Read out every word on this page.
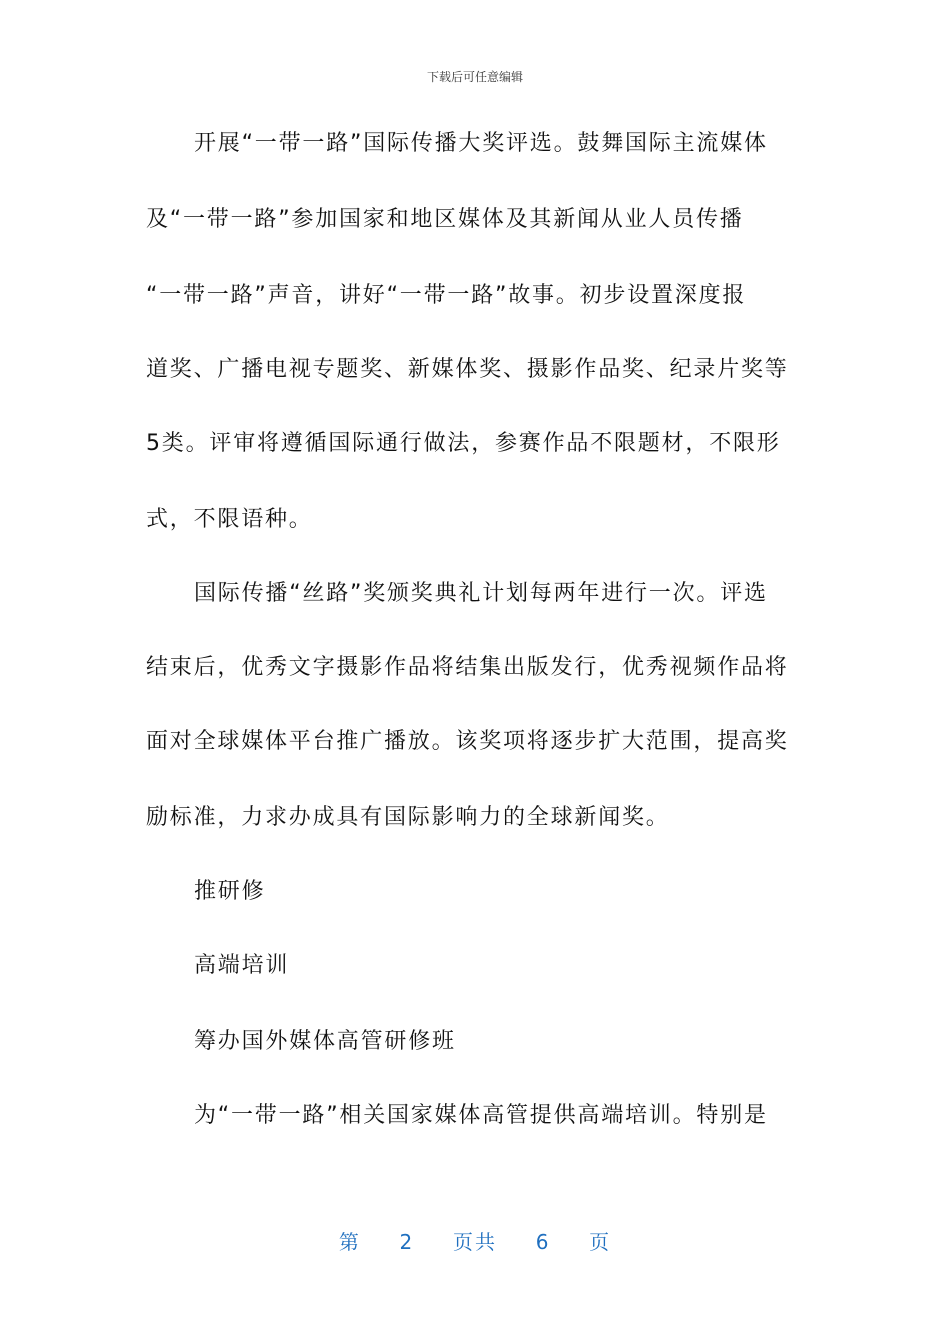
下载后可任意编辑
开展“一带一路”国际传播大奖评选。鼓舞国际主流媒体
及“一带一路”参加国家和地区媒体及其新闻从业人员传播
“一带一路”声音，讲好“一带一路”故事。初步设置深度报
道奖、广播电视专题奖、新媒体奖、摄影作品奖、纪录片奖等
5类。评审将遵循国际通行做法，参赛作品不限题材，不限形
式，不限语种。
国际传播“丝路”奖颁奖典礼计划每两年进行一次。评选
结束后，优秀文字摄影作品将结集出版发行，优秀视频作品将
面对全球媒体平台推广播放。该奖项将逐步扩大范围，提高奖
励标准，力求办成具有国际影响力的全球新闻奖。
推研修
高端培训
筹办国外媒体高管研修班
为“一带一路”相关国家媒体高管提供高端培训。特别是
第 2 页共 6 页
